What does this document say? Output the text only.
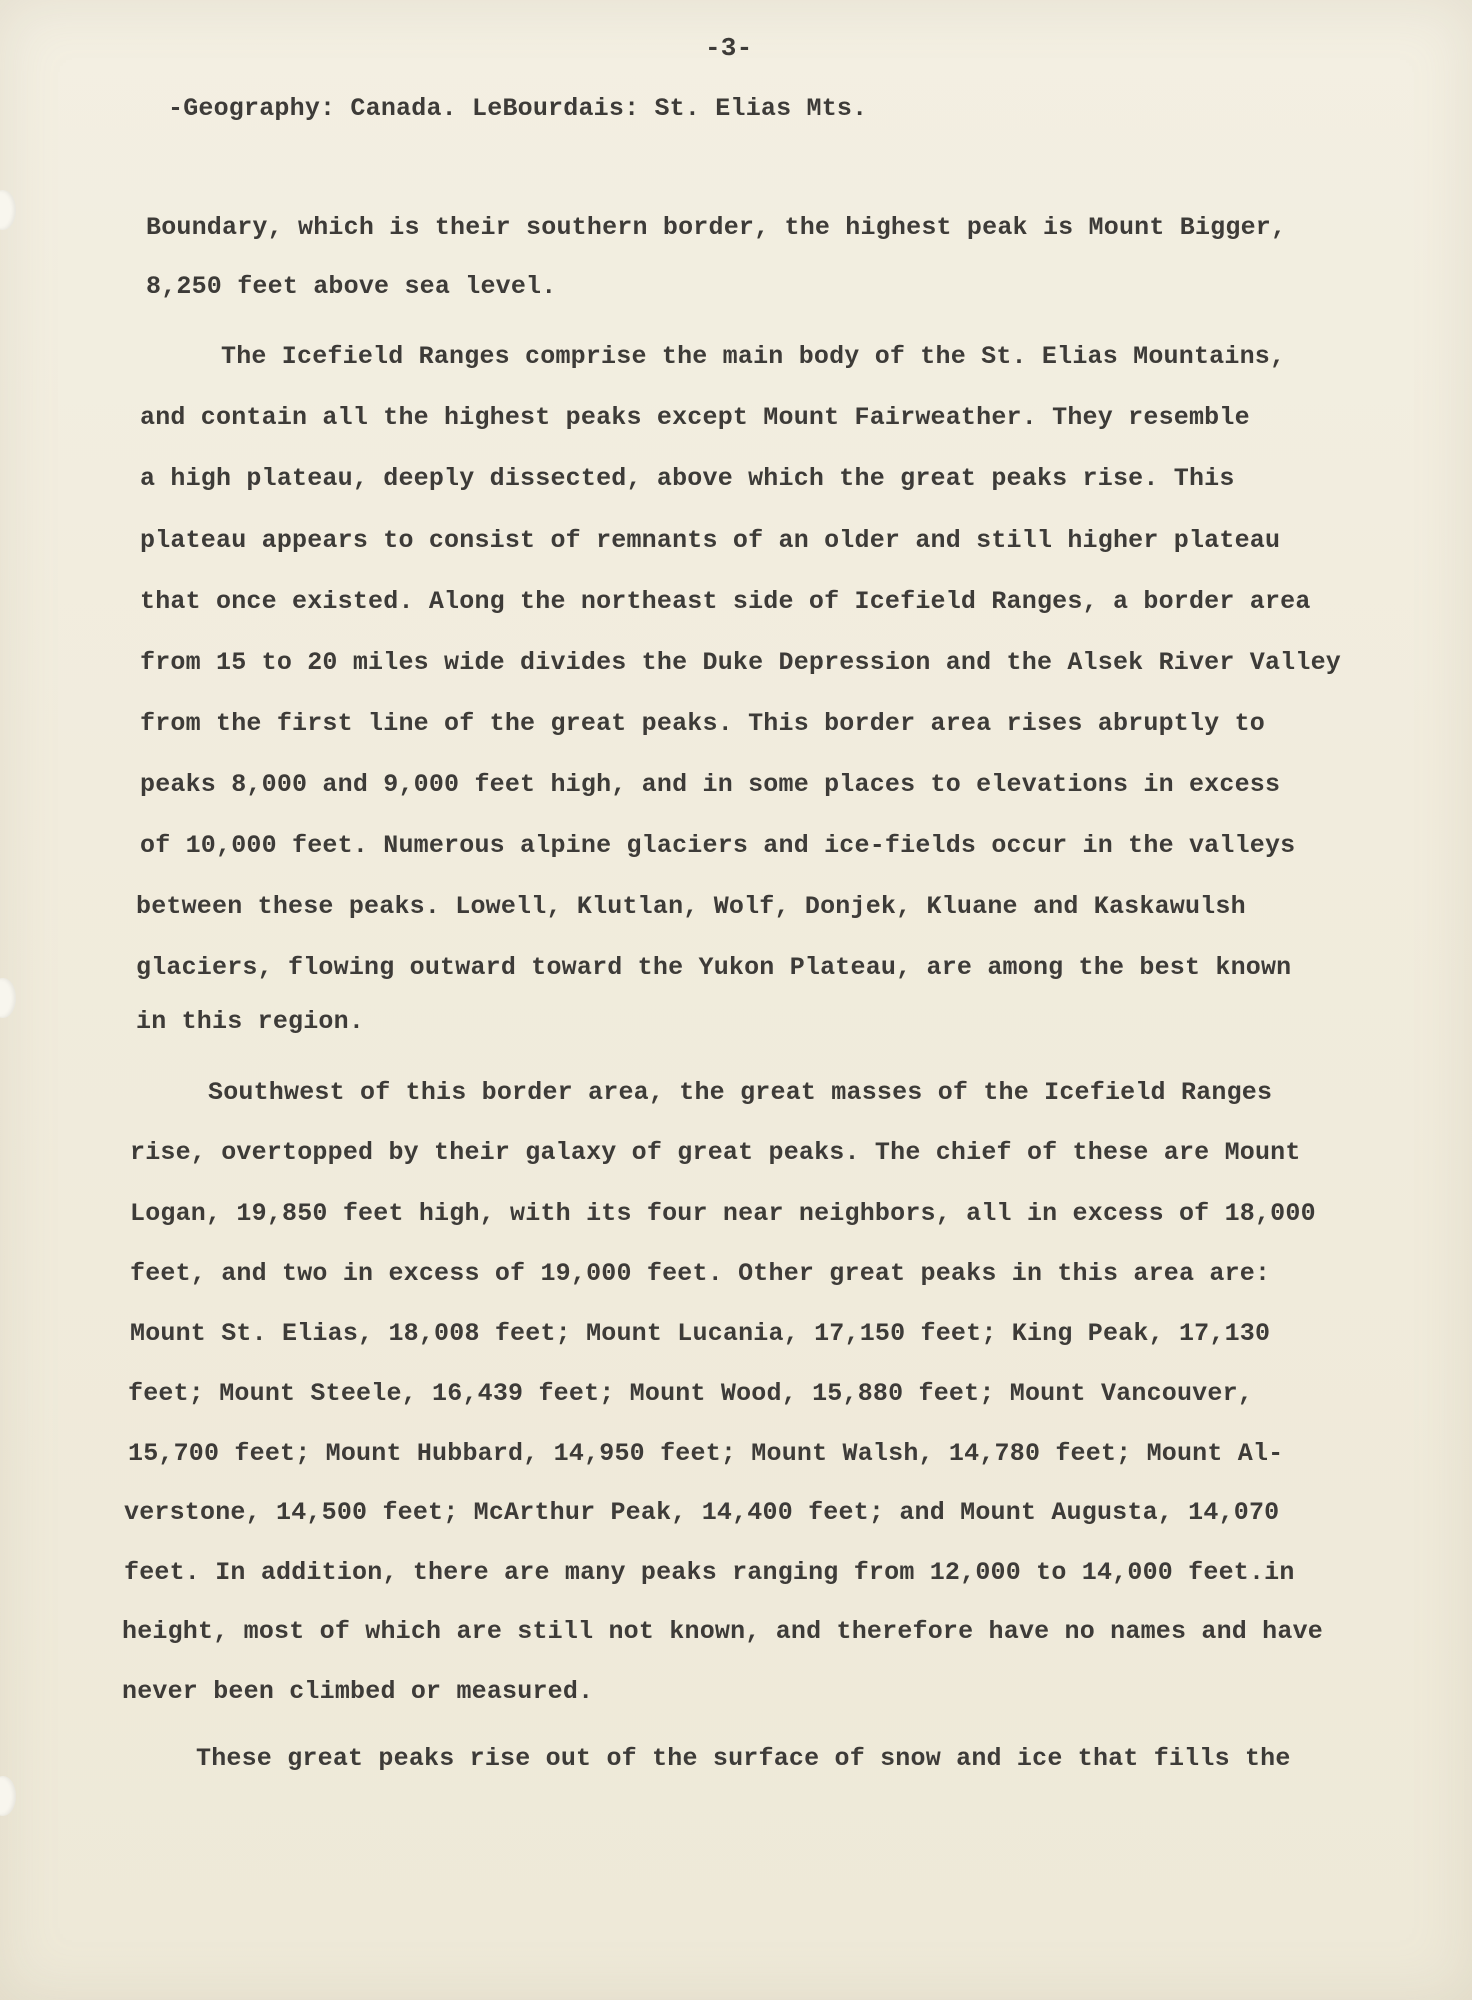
-3-
-Geography: Canada. LeBourdais: St. Elias Mts.
Boundary, which is their southern border, the highest peak is Mount Bigger,
8,250 feet above sea level.
The Icefield Ranges comprise the main body of the St. Elias Mountains,
and contain all the highest peaks except Mount Fairweather. They resemble
a high plateau, deeply dissected, above which the great peaks rise. This
plateau appears to consist of remnants of an older and still higher plateau
that once existed. Along the northeast side of Icefield Ranges, a border area
from 15 to 20 miles wide divides the Duke Depression and the Alsek River Valley
from the first line of the great peaks. This border area rises abruptly to
peaks 8,000 and 9,000 feet high, and in some places to elevations in excess
of 10,000 feet. Numerous alpine glaciers and ice-fields occur in the valleys
between these peaks. Lowell, Klutlan, Wolf, Donjek, Kluane and Kaskawulsh
glaciers, flowing outward toward the Yukon Plateau, are among the best known
in this region.
Southwest of this border area, the great masses of the Icefield Ranges
rise, overtopped by their galaxy of great peaks. The chief of these are Mount
Logan, 19,850 feet high, with its four near neighbors, all in excess of 18,000
feet, and two in excess of 19,000 feet. Other great peaks in this area are:
Mount St. Elias, 18,008 feet; Mount Lucania, 17,150 feet; King Peak, 17,130
feet; Mount Steele, 16,439 feet; Mount Wood, 15,880 feet; Mount Vancouver,
15,700 feet; Mount Hubbard, 14,950 feet; Mount Walsh, 14,780 feet; Mount Al-
verstone, 14,500 feet; McArthur Peak, 14,400 feet; and Mount Augusta, 14,070
feet. In addition, there are many peaks ranging from 12,000 to 14,000 feet.in
height, most of which are still not known, and therefore have no names and have
never been climbed or measured.
These great peaks rise out of the surface of snow and ice that fills the
